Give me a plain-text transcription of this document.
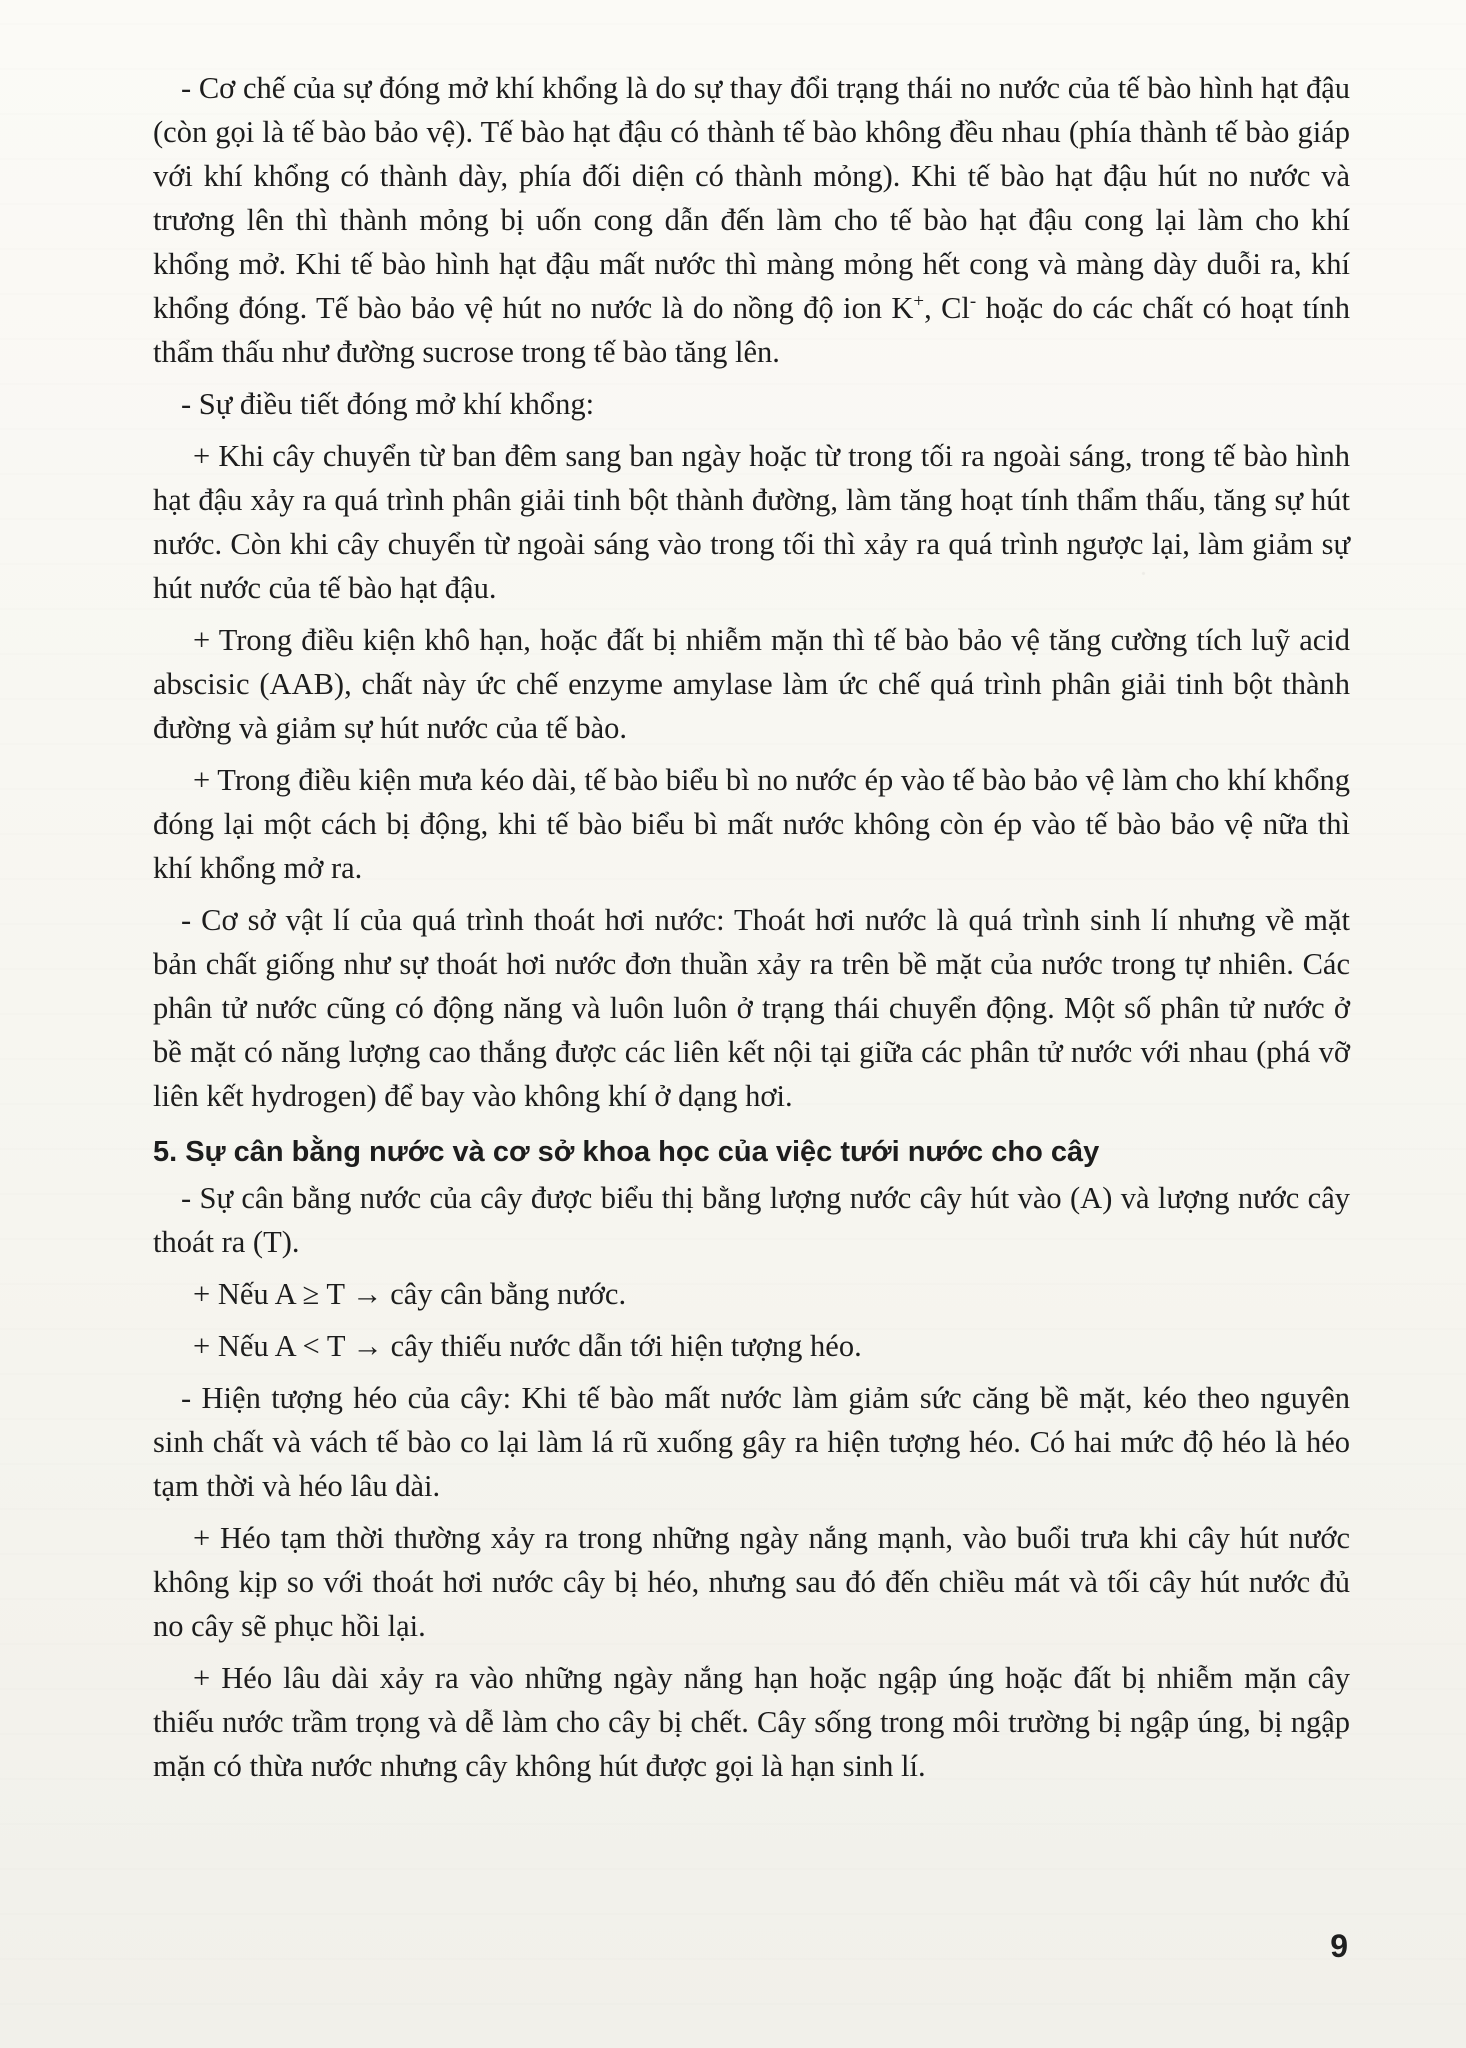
- Cơ chế của sự đóng mở khí khổng là do sự thay đổi trạng thái no nước của tế bào hình hạt đậu (còn gọi là tế bào bảo vệ). Tế bào hạt đậu có thành tế bào không đều nhau (phía thành tế bào giáp với khí khổng có thành dày, phía đối diện có thành mỏng). Khi tế bào hạt đậu hút no nước và trương lên thì thành mỏng bị uốn cong dẫn đến làm cho tế bào hạt đậu cong lại làm cho khí khổng mở. Khi tế bào hình hạt đậu mất nước thì màng mỏng hết cong và màng dày duỗi ra, khí khổng đóng. Tế bào bảo vệ hút no nước là do nồng độ ion K+, Cl- hoặc do các chất có hoạt tính thẩm thấu như đường sucrose trong tế bào tăng lên.

- Sự điều tiết đóng mở khí khổng:

+ Khi cây chuyển từ ban đêm sang ban ngày hoặc từ trong tối ra ngoài sáng, trong tế bào hình hạt đậu xảy ra quá trình phân giải tinh bột thành đường, làm tăng hoạt tính thẩm thấu, tăng sự hút nước. Còn khi cây chuyển từ ngoài sáng vào trong tối thì xảy ra quá trình ngược lại, làm giảm sự hút nước của tế bào hạt đậu.

+ Trong điều kiện khô hạn, hoặc đất bị nhiễm mặn thì tế bào bảo vệ tăng cường tích luỹ acid abscisic (AAB), chất này ức chế enzyme amylase làm ức chế quá trình phân giải tinh bột thành đường và giảm sự hút nước của tế bào.

+ Trong điều kiện mưa kéo dài, tế bào biểu bì no nước ép vào tế bào bảo vệ làm cho khí khổng đóng lại một cách bị động, khi tế bào biểu bì mất nước không còn ép vào tế bào bảo vệ nữa thì khí khổng mở ra.

- Cơ sở vật lí của quá trình thoát hơi nước: Thoát hơi nước là quá trình sinh lí nhưng về mặt bản chất giống như sự thoát hơi nước đơn thuần xảy ra trên bề mặt của nước trong tự nhiên. Các phân tử nước cũng có động năng và luôn luôn ở trạng thái chuyển động. Một số phân tử nước ở bề mặt có năng lượng cao thắng được các liên kết nội tại giữa các phân tử nước với nhau (phá vỡ liên kết hydrogen) để bay vào không khí ở dạng hơi.

5. Sự cân bằng nước và cơ sở khoa học của việc tưới nước cho cây

- Sự cân bằng nước của cây được biểu thị bằng lượng nước cây hút vào (A) và lượng nước cây thoát ra (T).

+ Nếu A ≥ T → cây cân bằng nước.

+ Nếu A < T → cây thiếu nước dẫn tới hiện tượng héo.

- Hiện tượng héo của cây: Khi tế bào mất nước làm giảm sức căng bề mặt, kéo theo nguyên sinh chất và vách tế bào co lại làm lá rũ xuống gây ra hiện tượng héo. Có hai mức độ héo là héo tạm thời và héo lâu dài.

+ Héo tạm thời thường xảy ra trong những ngày nắng mạnh, vào buổi trưa khi cây hút nước không kịp so với thoát hơi nước cây bị héo, nhưng sau đó đến chiều mát và tối cây hút nước đủ no cây sẽ phục hồi lại.

+ Héo lâu dài xảy ra vào những ngày nắng hạn hoặc ngập úng hoặc đất bị nhiễm mặn cây thiếu nước trầm trọng và dễ làm cho cây bị chết. Cây sống trong môi trường bị ngập úng, bị ngập mặn có thừa nước nhưng cây không hút được gọi là hạn sinh lí.

9
